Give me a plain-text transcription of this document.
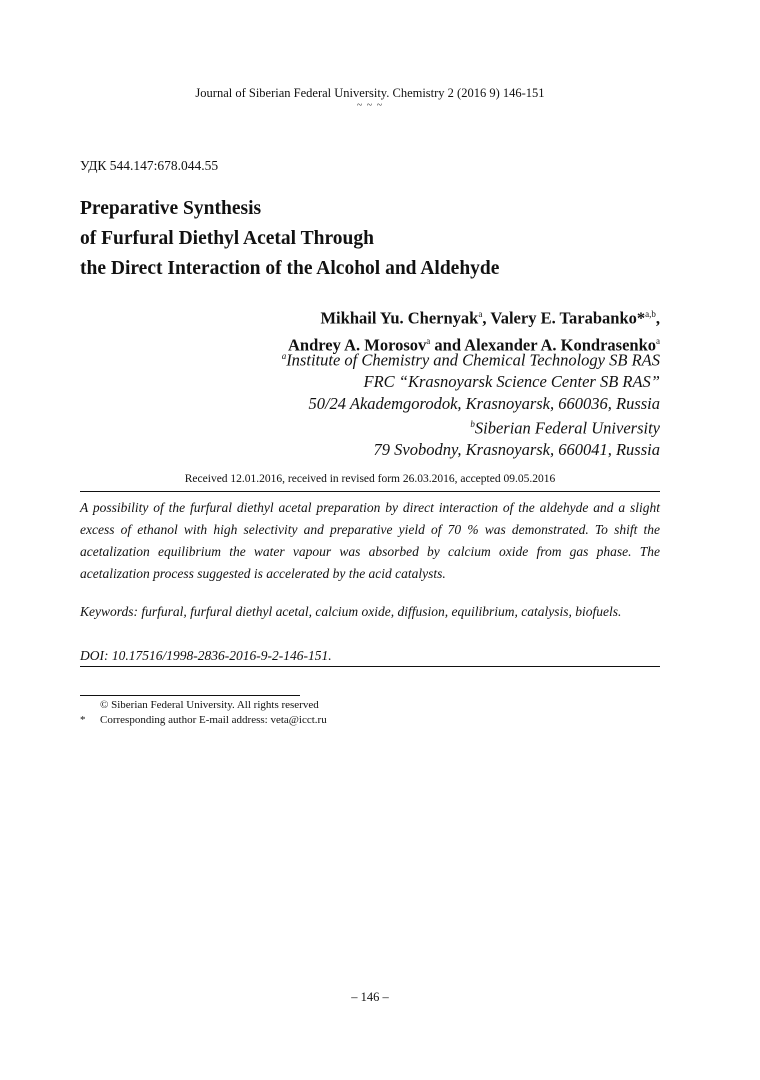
Journal of Siberian Federal University. Chemistry 2 (2016 9) 146-151
~ ~ ~
УДК 544.147:678.044.55
Preparative Synthesis
of Furfural Diethyl Acetal Through
the Direct Interaction of the Alcohol and Aldehyde
Mikhail Yu. Chernyak$^a$, Valery E. Tarabanko*$^{a,b}$,
Andrey A. Morosov$^a$ and Alexander A. Kondrasenko$^a$
$^a$Institute of Chemistry and Chemical Technology SB RAS
FRC “Krasnoyarsk Science Center SB RAS”
50/24 Akademgorodok, Krasnoyarsk, 660036, Russia
$^b$Siberian Federal University
79 Svobodny, Krasnoyarsk, 660041, Russia
Received 12.01.2016, received in revised form 26.03.2016, accepted 09.05.2016
A possibility of the furfural diethyl acetal preparation by direct interaction of the aldehyde and a slight excess of ethanol with high selectivity and preparative yield of 70 % was demonstrated. To shift the acetalization equilibrium the water vapour was absorbed by calcium oxide from gas phase. The acetalization process suggested is accelerated by the acid catalysts.
Keywords: furfural, furfural diethyl acetal, calcium oxide, diffusion, equilibrium, catalysis, biofuels.
DOI: 10.17516/1998-2836-2016-9-2-146-151.
© Siberian Federal University. All rights reserved
* Corresponding author E-mail address: veta@icct.ru
– 146 –
